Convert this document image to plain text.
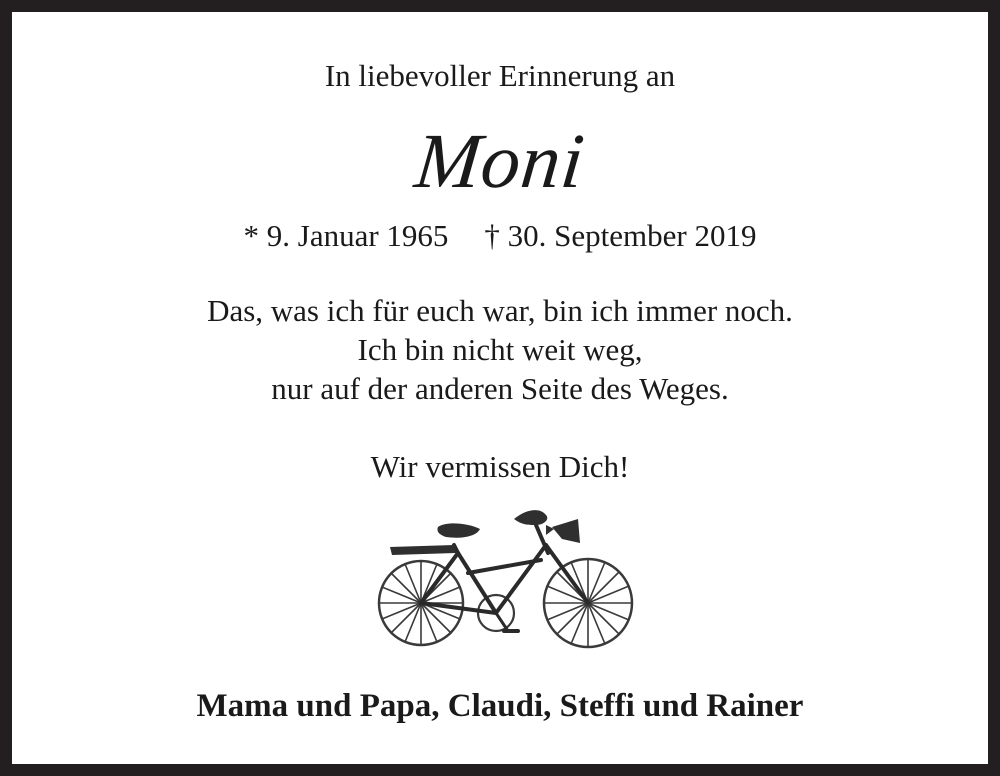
In liebevoller Erinnerung an
Moni
* 9. Januar 1965 † 30. September 2019
Das, was ich für euch war, bin ich immer noch.
Ich bin nicht weit weg,
nur auf der anderen Seite des Weges.
Wir vermissen Dich!
Mama und Papa, Claudi, Steffi und Rainer
